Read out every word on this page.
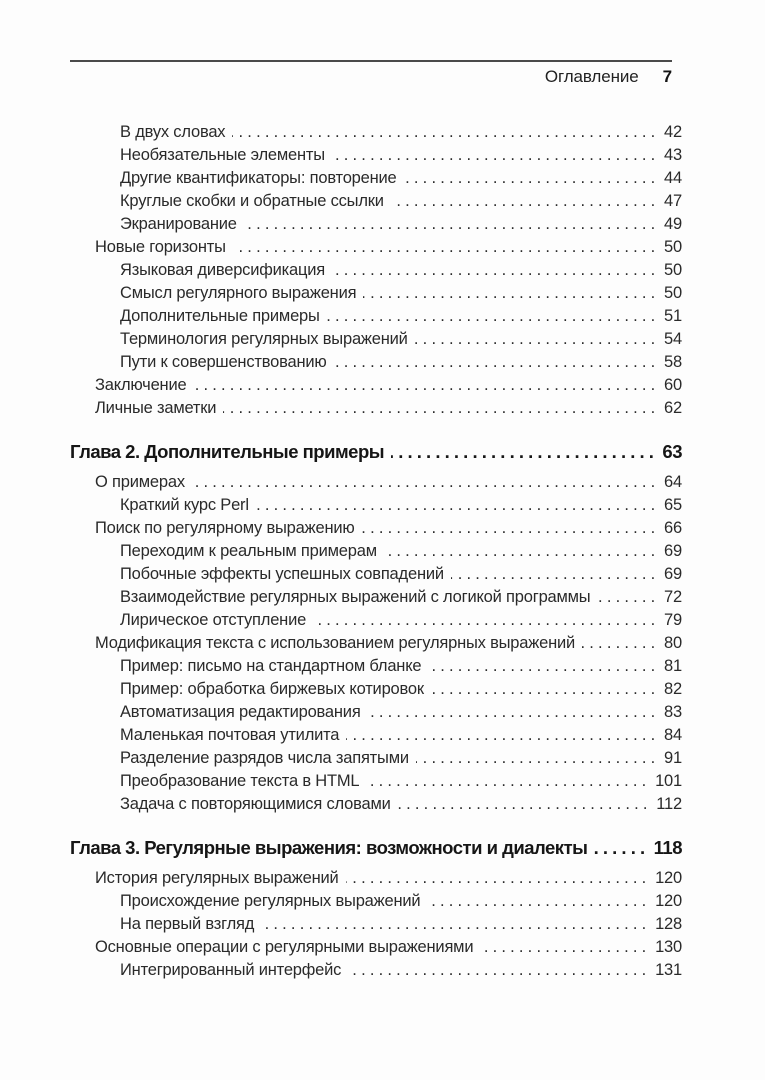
Оглавление 7
В двух словах . . .	42
Необязательные элементы . . .	43
Другие квантификаторы: повторение . . .	44
Круглые скобки и обратные ссылки . . .	47
Экранирование . . .	49
Новые горизонты . . .	50
Языковая диверсификация . . .	50
Смысл регулярного выражения . . .	50
Дополнительные примеры . . .	51
Терминология регулярных выражений . . .	54
Пути к совершенствованию . . .	58
Заключение . . .	60
Личные заметки . . .	62
Глава 2. Дополнительные примеры . . .	63
О примерах . . .	64
Краткий курс Perl . . .	65
Поиск по регулярному выражению . . .	66
Переходим к реальным примерам . . .	69
Побочные эффекты успешных совпадений . . .	69
Взаимодействие регулярных выражений с логикой программы . . .	72
Лирическое отступление . . .	79
Модификация текста с использованием регулярных выражений . . .	80
Пример: письмо на стандартном бланке . . .	81
Пример: обработка биржевых котировок . . .	82
Автоматизация редактирования . . .	83
Маленькая почтовая утилита . . .	84
Разделение разрядов числа запятыми . . .	91
Преобразование текста в HTML . . .	101
Задача с повторяющимися словами . . .	112
Глава 3. Регулярные выражения: возможности и диалекты . . .	118
История регулярных выражений . . .	120
Происхождение регулярных выражений . . .	120
На первый взгляд . . .	128
Основные операции с регулярными выражениями . . .	130
Интегрированный интерфейс . . .	131
